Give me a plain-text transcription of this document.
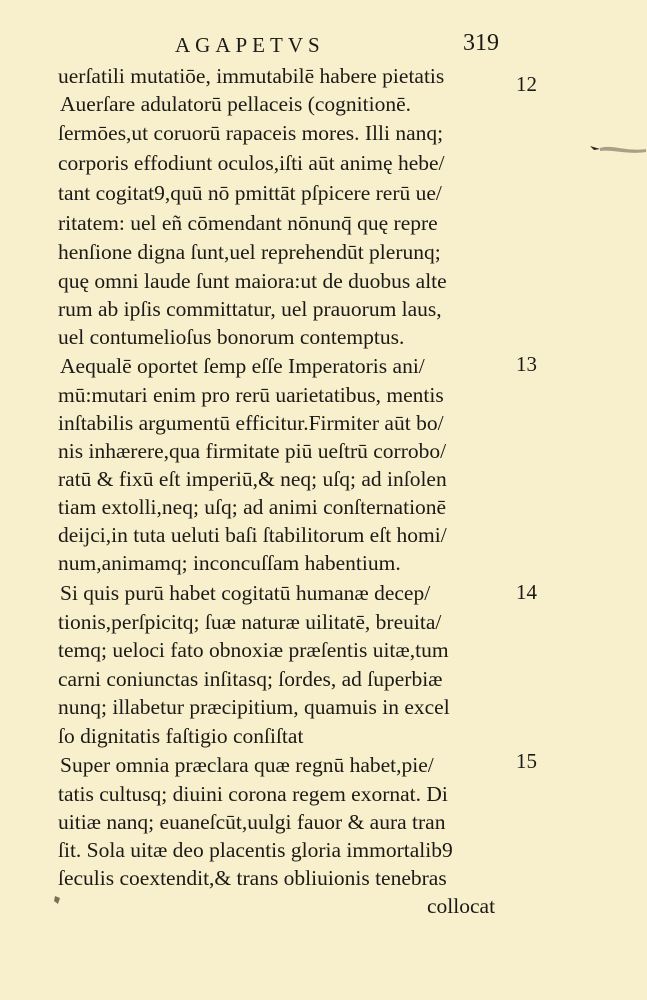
AGAPETVS	319
uerſatili mutatiōe, immutabilē habere pietatis
Auerſare adulatorū pellaceis (cognitionē.
ſermōes,ut coruorū rapaceis mores. Illi nanq;
corporis effodiunt oculos,iſti aūt animę hebe/
tant cogitat9,quū nō pmittāt pſpicere rerū ue/
ritatem: uel eñ cōmendant nōnunq̄ quę repre
henſione digna ſunt,uel reprehendūt plerunq;
quę omni laude ſunt maiora:ut de duobus alte
rum ab ipſis committatur, uel prauorum laus,
uel contumelioſus bonorum contemptus.
Aequalē oportet ſemp eſſe Imperatoris ani/
mū:mutari enim pro rerū uarietatibus, mentis
inſtabilis argumentū efficitur.Firmiter aūt bo/
nis inhærere,qua firmitate piū ueſtrū corrobo/
ratū & fixū eſt imperiū,& neq; uſq; ad inſolen
tiam extolli,neq; uſq; ad animi conſternationē
deijci,in tuta ueluti baſi ſtabilitorum eſt homi/
num,animamq; inconcuſſam habentium.
Si quis purū habet cogitatū humanæ decep/
tionis,perſpicitq; ſuæ naturæ uilitatē, breuita/
temq; ueloci fato obnoxiæ præſentis uitæ,tum
carni coniunctas inſitasq; ſordes, ad ſuperbiæ
nunq; illabetur præcipitium, quamuis in excel
ſo dignitatis faſtigio conſiſtat
Super omnia præclara quæ regnū habet,pie/
tatis cultusq; diuini corona regem exornat. Di
uitiæ nanq; euaneſcūt,uulgi fauor & aura tran
ſit. Sola uitæ deo placentis gloria immortalib9
ſeculis coextendit,& trans obliuionis tenebras
12
13
14
15
collocat
